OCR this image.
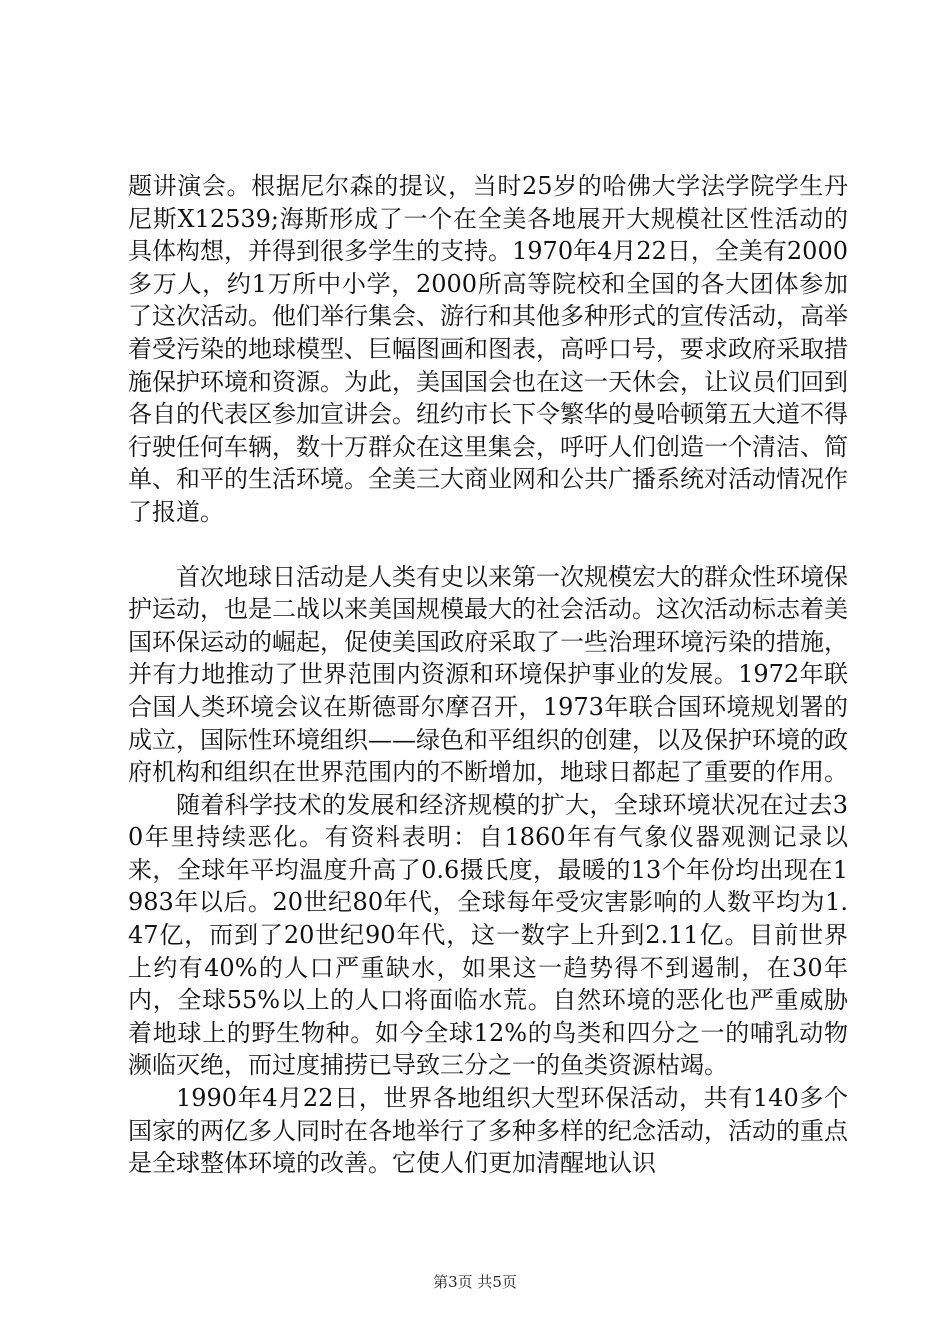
题讲演会。根据尼尔森的提议，当时25岁的哈佛大学法学院学生丹尼斯X12539;海斯形成了一个在全美各地展开大规模社区性活动的具体构想，并得到很多学生的支持。1970年4月22日，全美有2000多万人，约1万所中小学，2000所高等院校和全国的各大团体参加了这次活动。他们举行集会、游行和其他多种形式的宣传活动，高举着受污染的地球模型、巨幅图画和图表，高呼口号，要求政府采取措施保护环境和资源。为此，美国国会也在这一天休会，让议员们回到各自的代表区参加宣讲会。纽约市长下令繁华的曼哈顿第五大道不得行驶任何车辆，数十万群众在这里集会，呼吁人们创造一个清洁、简单、和平的生活环境。全美三大商业网和公共广播系统对活动情况作了报道。

首次地球日活动是人类有史以来第一次规模宏大的群众性环境保护运动，也是二战以来美国规模最大的社会活动。这次活动标志着美国环保运动的崛起，促使美国政府采取了一些治理环境污染的措施，并有力地推动了世界范围内资源和环境保护事业的发展。1972年联合国人类环境会议在斯德哥尔摩召开，1973年联合国环境规划署的成立，国际性环境组织——绿色和平组织的创建，以及保护环境的政府机构和组织在世界范围内的不断增加，地球日都起了重要的作用。

随着科学技术的发展和经济规模的扩大，全球环境状况在过去30年里持续恶化。有资料表明：自1860年有气象仪器观测记录以来，全球年平均温度升高了0.6摄氏度，最暖的13个年份均出现在1983年以后。20世纪80年代，全球每年受灾害影响的人数平均为1.47亿，而到了20世纪90年代，这一数字上升到2.11亿。目前世界上约有40%的人口严重缺水，如果这一趋势得不到遏制，在30年内，全球55%以上的人口将面临水荒。自然环境的恶化也严重威胁着地球上的野生物种。如今全球12%的鸟类和四分之一的哺乳动物濒临灭绝，而过度捕捞已导致三分之一的鱼类资源枯竭。

1990年4月22日，世界各地组织大型环保活动，共有140多个国家的两亿多人同时在各地举行了多种多样的纪念活动，活动的重点是全球整体环境的改善。它使人们更加清醒地认识

第3页 共5页
